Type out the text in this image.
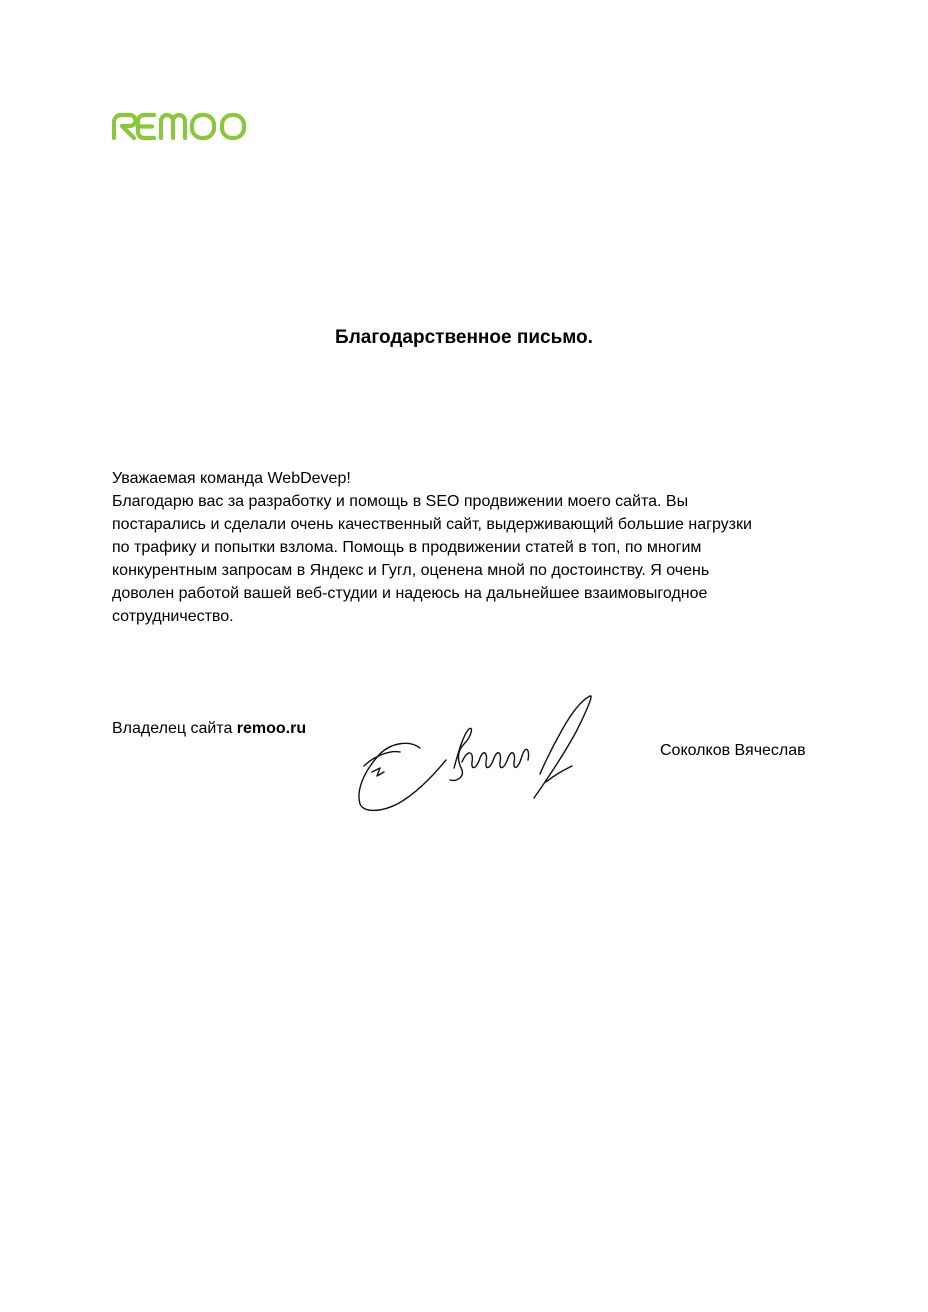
Благодарственное письмо.

Уважаемая команда WebDevep!

Благодарю вас за разработку и помощь в SEO продвижении моего сайта. Вы

постарались и сделали очень качественный сайт, выдерживающий большие нагрузки

по трафику и попытки взлома. Помощь в продвижении статей в топ, по многим

конкурентным запросам в Яндекс и Гугл, оценена мной по достоинству. Я очень

доволен работой вашей веб-студии и надеюсь на дальнейшее взаимовыгодное

сотрудничество.

Владелец сайта remoo.ru
Соколков Вячеслав
